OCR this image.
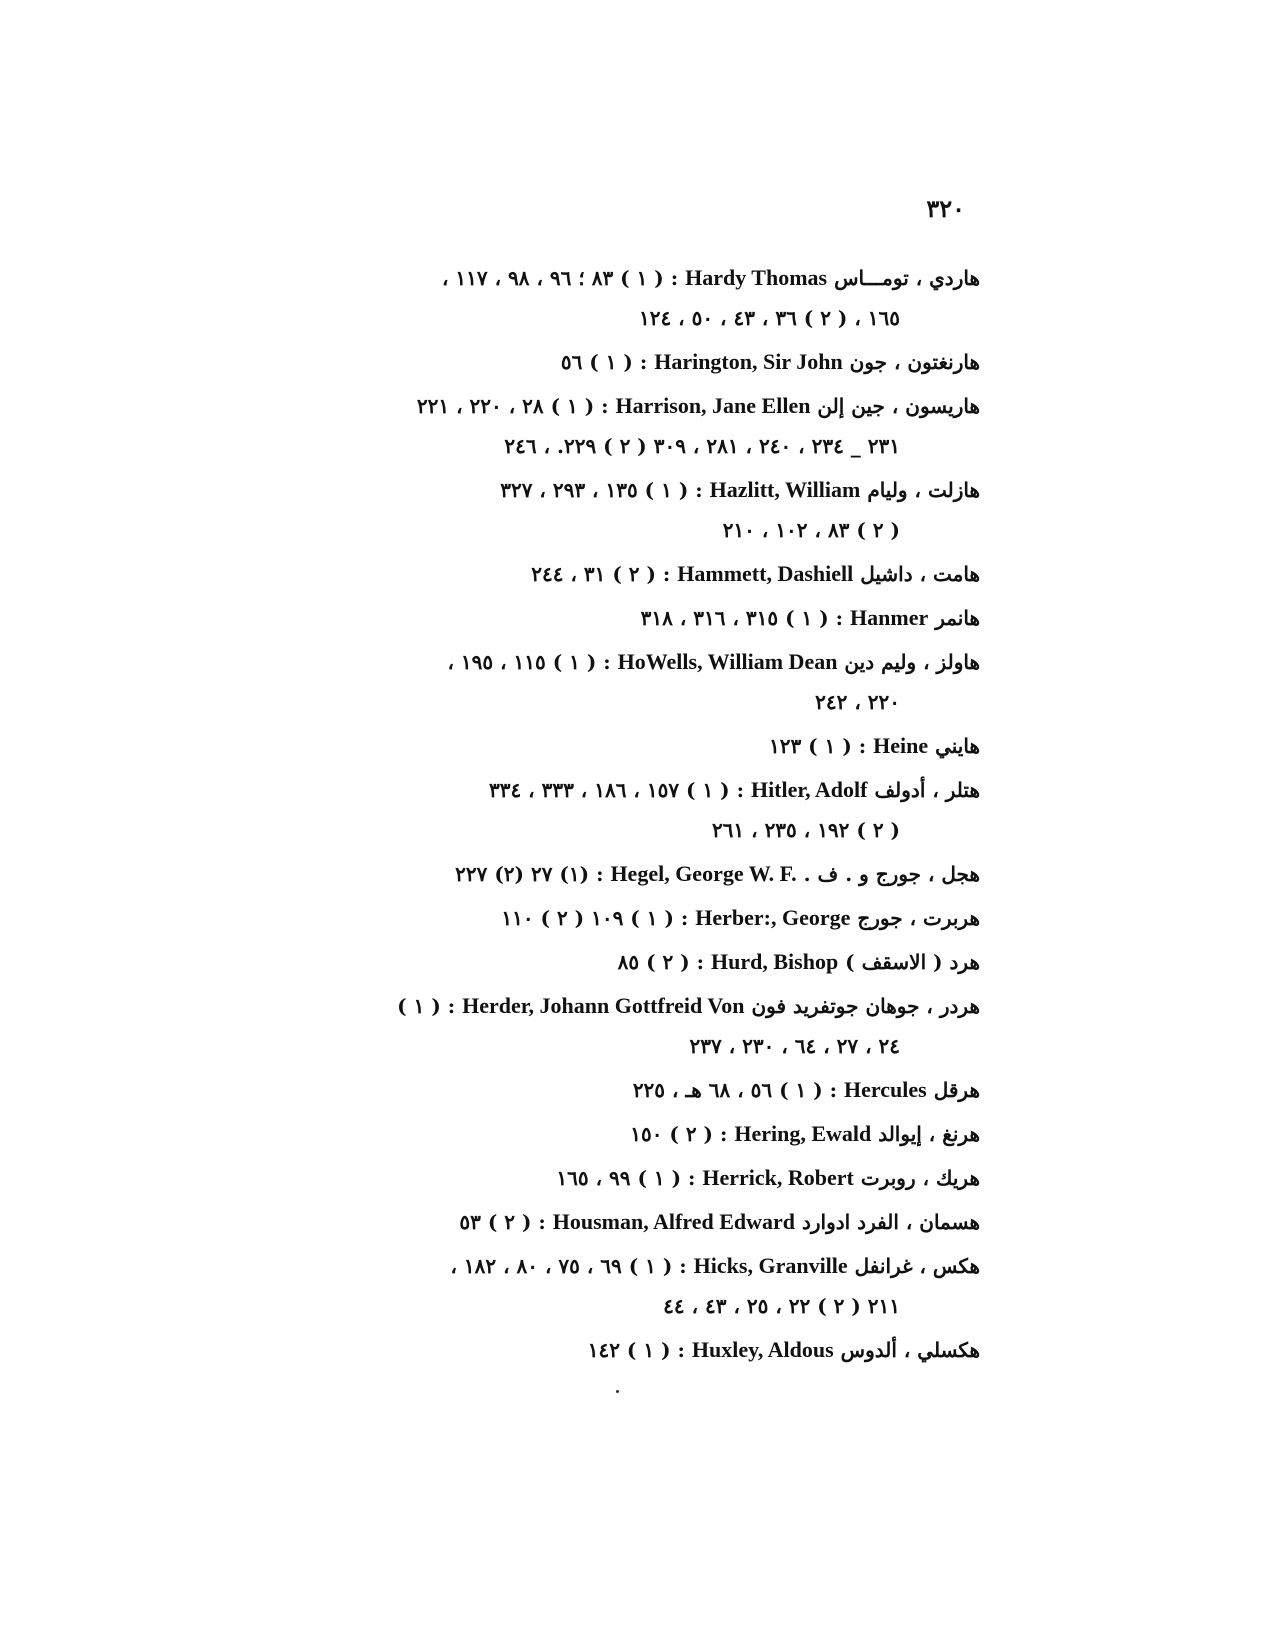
٣٢٠
هاردي ، تومـــاس Hardy Thomas : ( ١ ) ٨٣ ؛ ٩٦ ، ٩٨ ، ١١٧ ،
١٦٥ ، ( ٢ ) ٣٦ ، ٤٣ ، ٥٠ ، ١٢٤
هارنغتون ، جون Harington, Sir John : ( ١ ) ٥٦
هاريسون ، جين إلن Harrison, Jane Ellen : ( ١ ) ٢٨ ، ٢٢٠ ، ٢٢١
٢٣١ _ ٢٣٤ ، ٢٤٠ ، ٢٨١ ، ٣٠٩ ( ٢ ) ٢٢٩. ، ٢٤٦
هازلت ، وليام Hazlitt, William : ( ١ ) ١٣٥ ، ٢٩٣ ، ٣٢٧
( ٢ ) ٨٣ ، ١٠٢ ، ٢١٠
هامت ، داشيل Hammett, Dashiell : ( ٢ ) ٣١ ، ٢٤٤
هانمر Hanmer : ( ١ ) ٣١٥ ، ٣١٦ ، ٣١٨
هاولز ، وليم دين HoWells, William Dean : ( ١ ) ١١٥ ، ١٩٥ ،
٢٢٠ ، ٢٤٢
هايني Heine : ( ١ ) ١٢٣
هتلر ، أدولف Hitler, Adolf : ( ١ ) ١٥٧ ، ١٨٦ ، ٣٣٣ ، ٣٣٤
( ٢ ) ١٩٢ ، ٢٣٥ ، ٢٦١
هجل ، جورج و . ف . Hegel, George W. F. : (١) ٢٧ (٢) ٢٢٧
هربرت ، جورج Herber:, George : ( ١ ) ١٠٩ ( ٢ ) ١١٠
هرد ( الاسقف ) Hurd, Bishop : ( ٢ ) ٨٥
هردر ، جوهان جوتفريد فون Herder, Johann Gottfreid Von : ( ١ )
٢٤ ، ٢٧ ، ٦٤ ، ٢٣٠ ، ٢٣٧
هرقل Hercules : ( ١ ) ٥٦ ، ٦٨ هـ ، ٢٢٥
هرنغ ، إيوالد Hering, Ewald : ( ٢ ) ١٥٠
هريك ، روبرت Herrick, Robert : ( ١ ) ٩٩ ، ١٦٥
هسمان ، الفرد ادوارد Housman, Alfred Edward : ( ٢ ) ٥٣
هكس ، غرانفل Hicks, Granville : ( ١ ) ٦٩ ، ٧٥ ، ٨٠ ، ١٨٢ ،
٢١١ ( ٢ ) ٢٢ ، ٢٥ ، ٤٣ ، ٤٤
هكسلي ، ألدوس Huxley, Aldous : ( ١ ) ١٤٢
